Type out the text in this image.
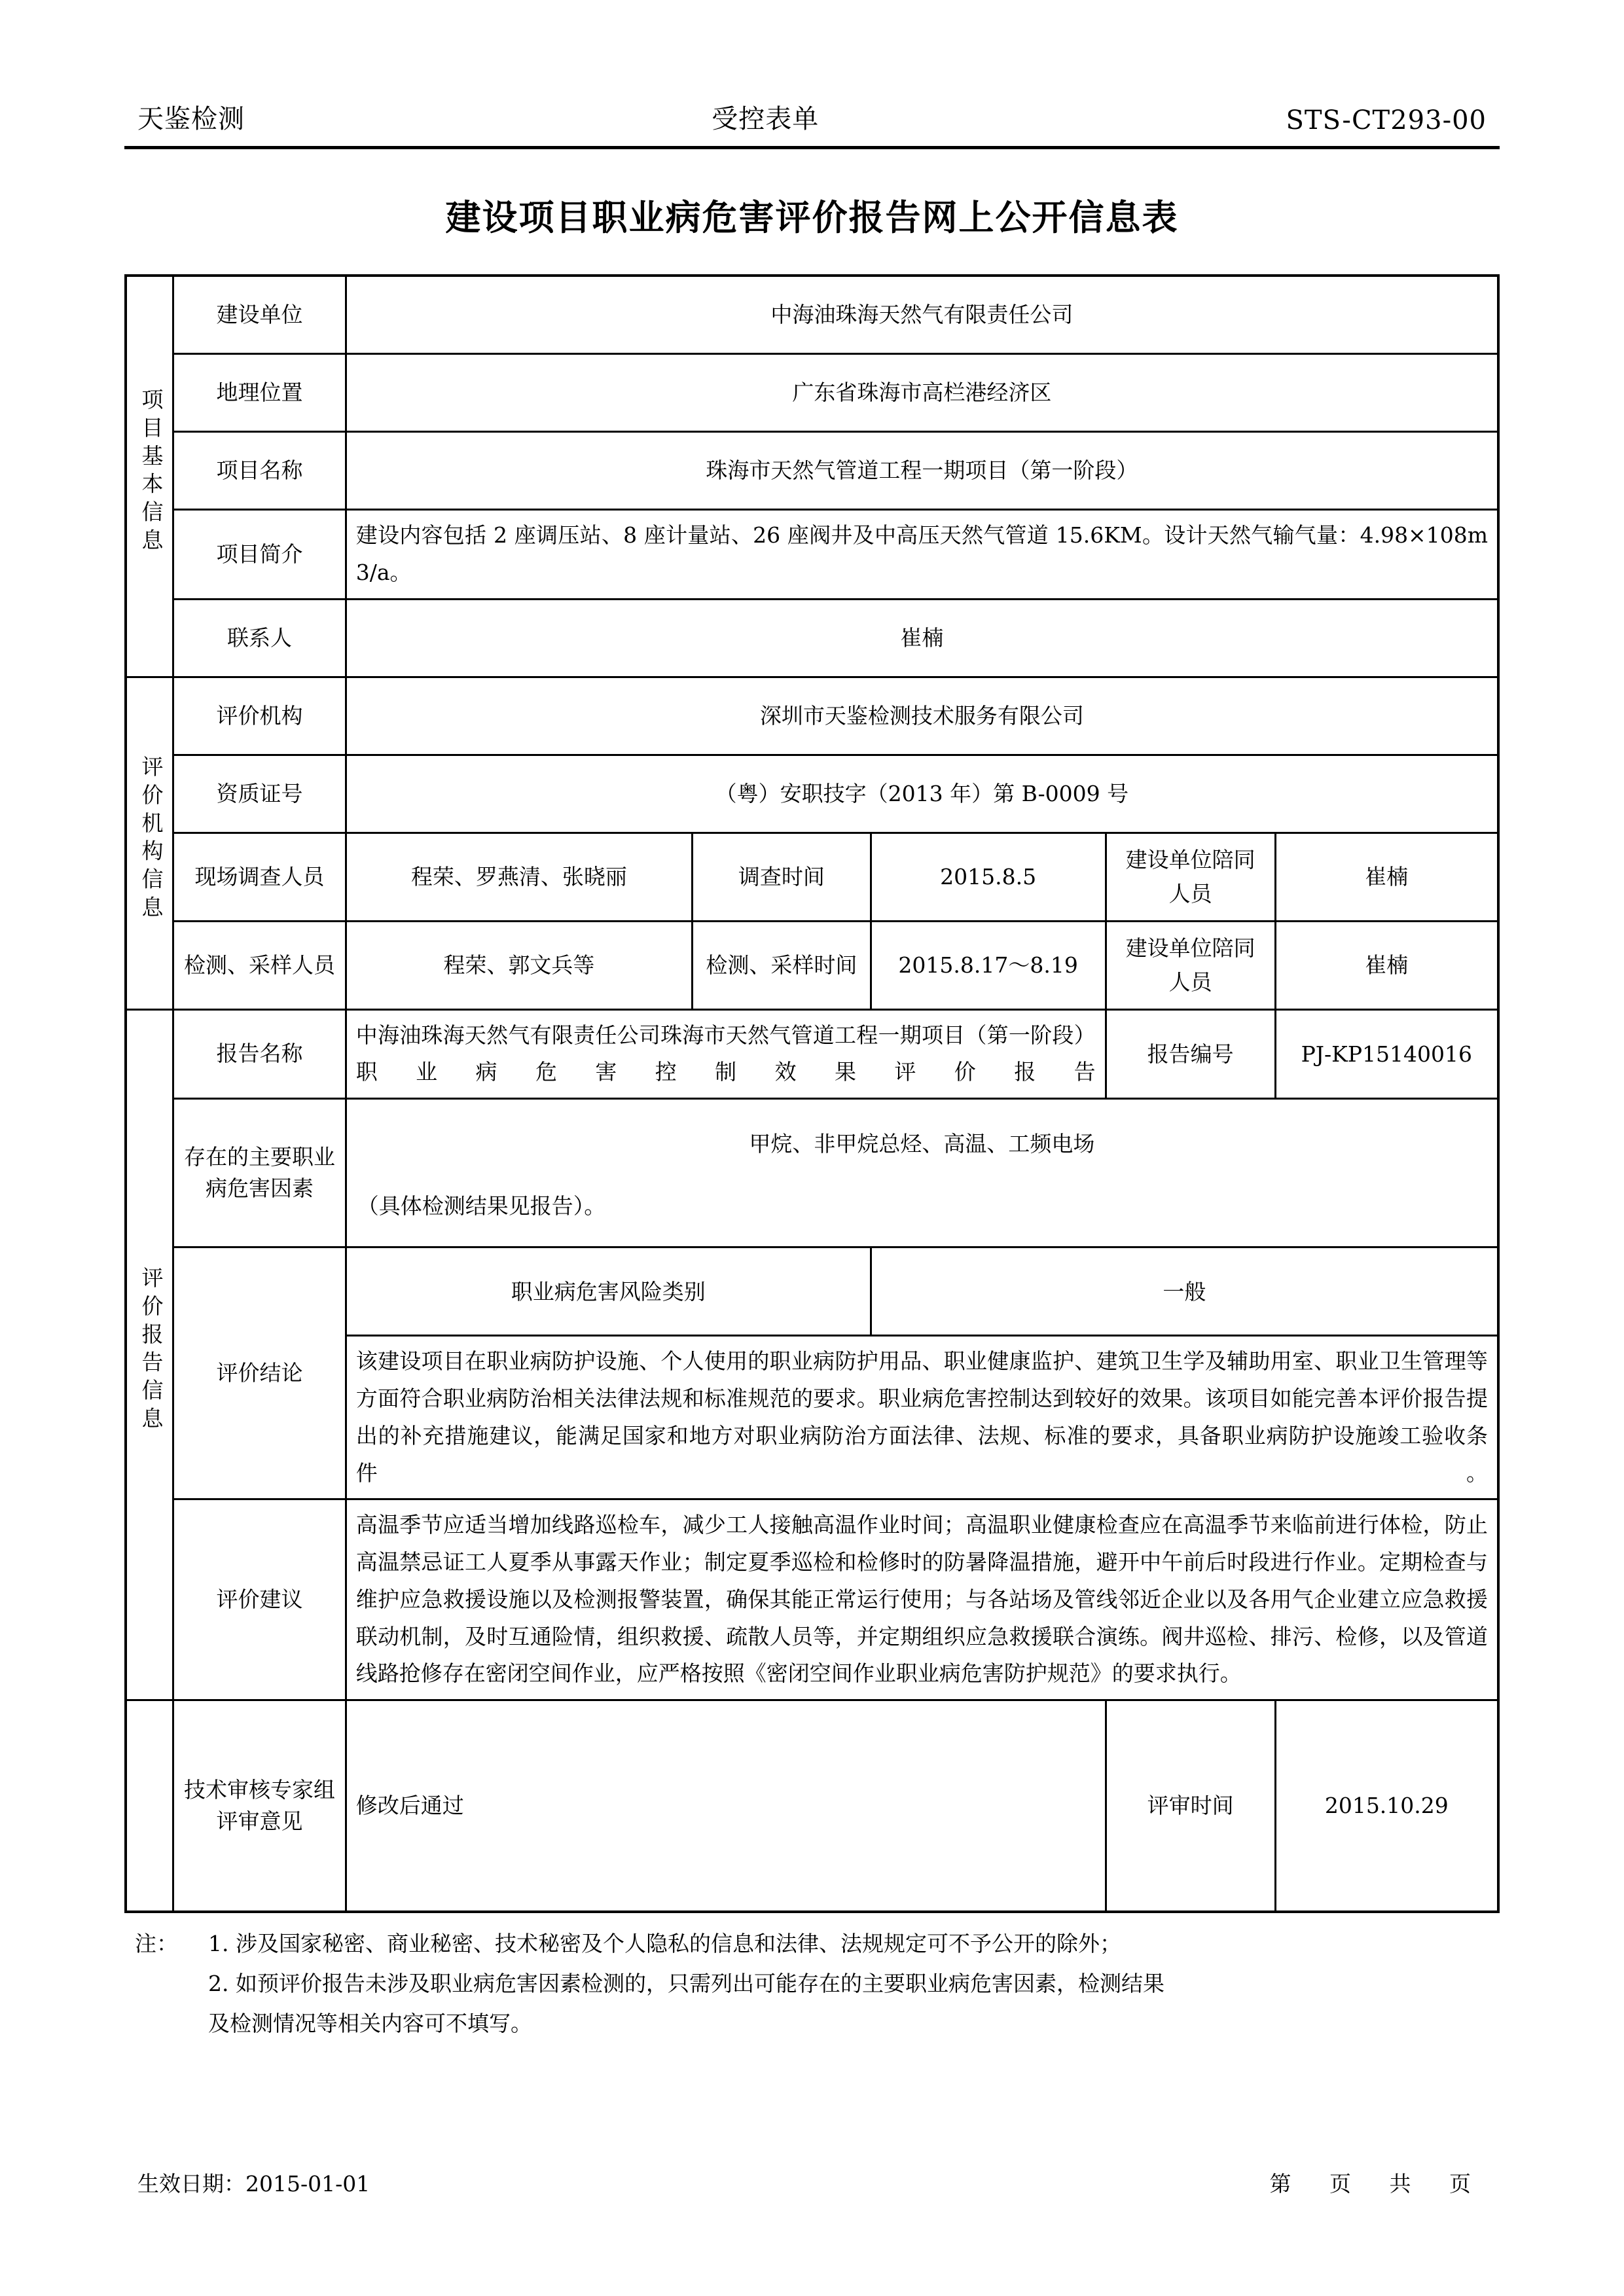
天鉴检测	受控表单	STS-CT293-00
建设项目职业病危害评价报告网上公开信息表
项目基本信息	建设单位	中海油珠海天然气有限责任公司				
	地理位置	广东省珠海市高栏港经济区				
	项目名称	珠海市天然气管道工程一期项目（第一阶段）				
	项目简介	建设内容包括 2 座调压站、8 座计量站、26 座阀井及中高压天然气管道 15.6KM。设计天然气输气量：4.98×108m3/a。				
	联系人	崔楠				
评价机构信息	评价机构	深圳市天鉴检测技术服务有限公司				
	资质证号	（粤）安职技字（2013 年）第 B-0009 号				
	现场调查人员	程荣、罗燕清、张晓丽	调查时间	2015.8.5	建设单位陪同人员	崔楠
	检测、采样人员	程荣、郭文兵等	检测、采样时间	2015.8.17～8.19	建设单位陪同人员	崔楠
评价报告信息	报告名称	中海油珠海天然气有限责任公司珠海市天然气管道工程一期项目（第一阶段）职业病危害控制效果评价报告			报告编号	PJ-KP15140016
	存在的主要职业病危害因素	甲烷、非甲烷总烃、高温、工频电场
（具体检测结果见报告）。				

	评价结论	职业病危害风险类别		一般		
		该建设项目在职业病防护设施、个人使用的职业病防护用品、职业健康监护、建筑卫生学及辅助用室、职业卫生管理等方面符合职业病防治相关法律法规和标准规范的要求。职业病危害控制达到较好的效果。该项目如能完善本评价报告提出的补充措施建议，能满足国家和地方对职业病防治方面法律、法规、标准的要求，具备职业病防护设施竣工验收条件。				

	评价建议	高温季节应适当增加线路巡检车，减少工人接触高温作业时间；高温职业健康检查应在高温季节来临前进行体检，防止高温禁忌证工人夏季从事露天作业；制定夏季巡检和检修时的防暑降温措施，避开中午前后时段进行作业。定期检查与维护应急救援设施以及检测报警装置，确保其能正常运行使用；与各站场及管线邻近企业以及各用气企业建立应急救援联动机制，及时互通险情，组织救援、疏散人员等，并定期组织应急救援联合演练。阀井巡检、排污、检修，以及管道线路抢修存在密闭空间作业，应严格按照《密闭空间作业职业病危害防护规范》的要求执行。				
	技术审核专家组评审意见	修改后通过			评审时间	2015.10.29
注：	1. 涉及国家秘密、商业秘密、技术秘密及个人隐私的信息和法律、法规规定可不予公开的除外；
2. 如预评价报告未涉及职业病危害因素检测的，只需列出可能存在的主要职业病危害因素，检测结果
及检测情况等相关内容可不填写。
生效日期：2015-01-01	第 页 共 页
